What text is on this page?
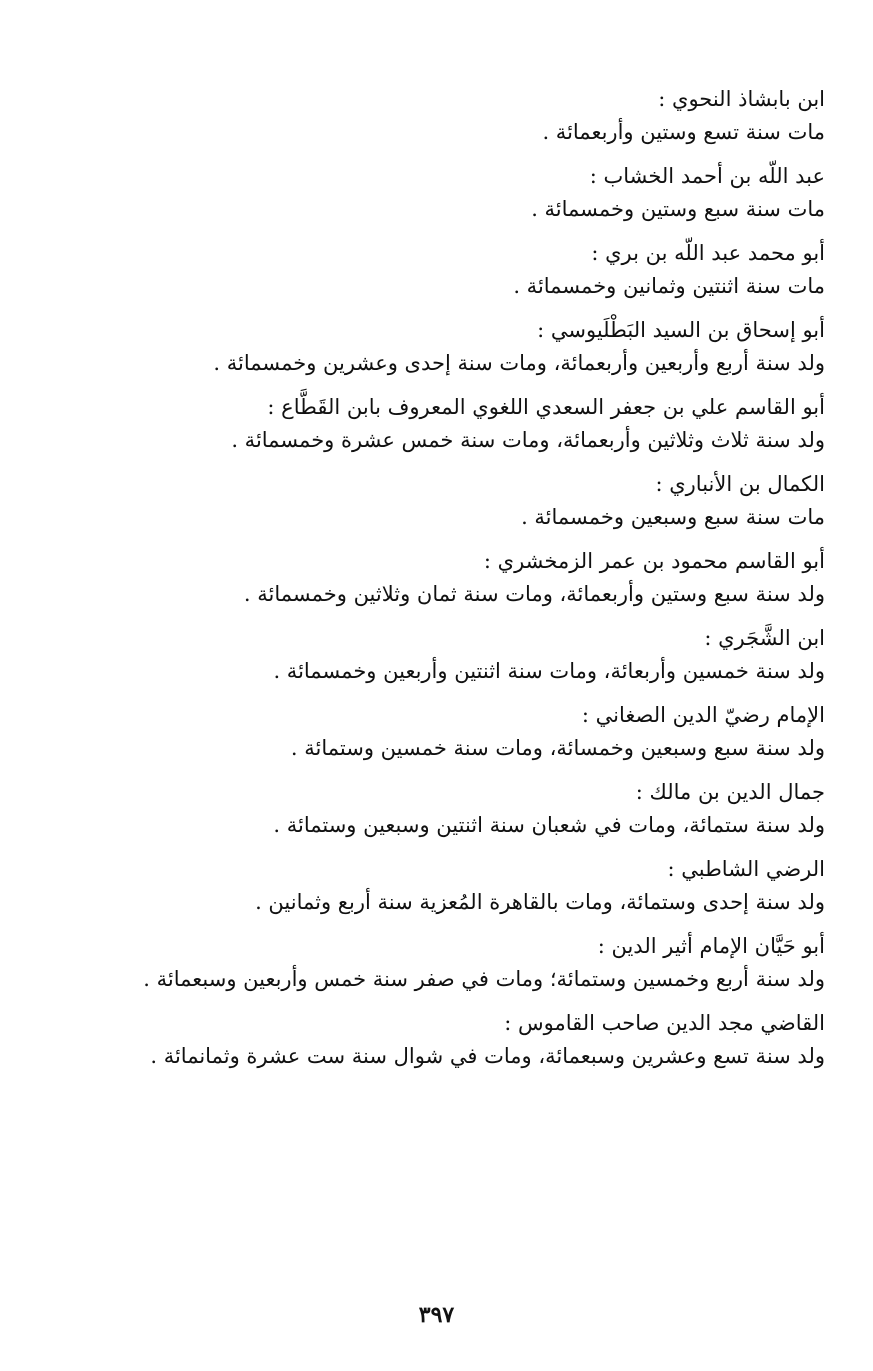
ابن بابشاذ النحوي :
مات سنة تسع وستين وأربعمائة .
عبد اللّه بن أحمد الخشاب :
مات سنة سبع وستين وخمسمائة .
أبو محمد عبد اللّه بن بري :
مات سنة اثنتين وثمانين وخمسمائة .
أبو إسحاق بن السيد البَطْلَيوسي :
ولد سنة أربع وأربعين وأربعمائة، ومات سنة إحدى وعشرين وخمسمائة .
أبو القاسم علي بن جعفر السعدي اللغوي المعروف بابن القَطَّاع :
ولد سنة ثلاث وثلاثين وأربعمائة، ومات سنة خمس عشرة وخمسمائة .
الكمال بن الأنباري :
مات سنة سبع وسبعين وخمسمائة .
أبو القاسم محمود بن عمر الزمخشري :
ولد سنة سبع وستين وأربعمائة، ومات سنة ثمان وثلاثين وخمسمائة .
ابن الشَّجَري :
ولد سنة خمسين وأربعائة، ومات سنة اثنتين وأربعين وخمسمائة .
الإمام رضيّ الدين الصغاني :
ولد سنة سبع وسبعين وخمسائة، ومات سنة خمسين وستمائة .
جمال الدين بن مالك :
ولد سنة ستمائة، ومات في شعبان سنة اثنتين وسبعين وستمائة .
الرضي الشاطبي :
ولد سنة إحدى وستمائة، ومات بالقاهرة المُعزية سنة أربع وثمانين .
أبو حَيَّان الإمام أثير الدين :
ولد سنة أربع وخمسين وستمائة؛ ومات في صفر سنة خمس وأربعين وسبعمائة .
القاضي مجد الدين صاحب القاموس :
ولد سنة تسع وعشرين وسبعمائة، ومات في شوال سنة ست عشرة وثمانمائة .
٣٩٧
